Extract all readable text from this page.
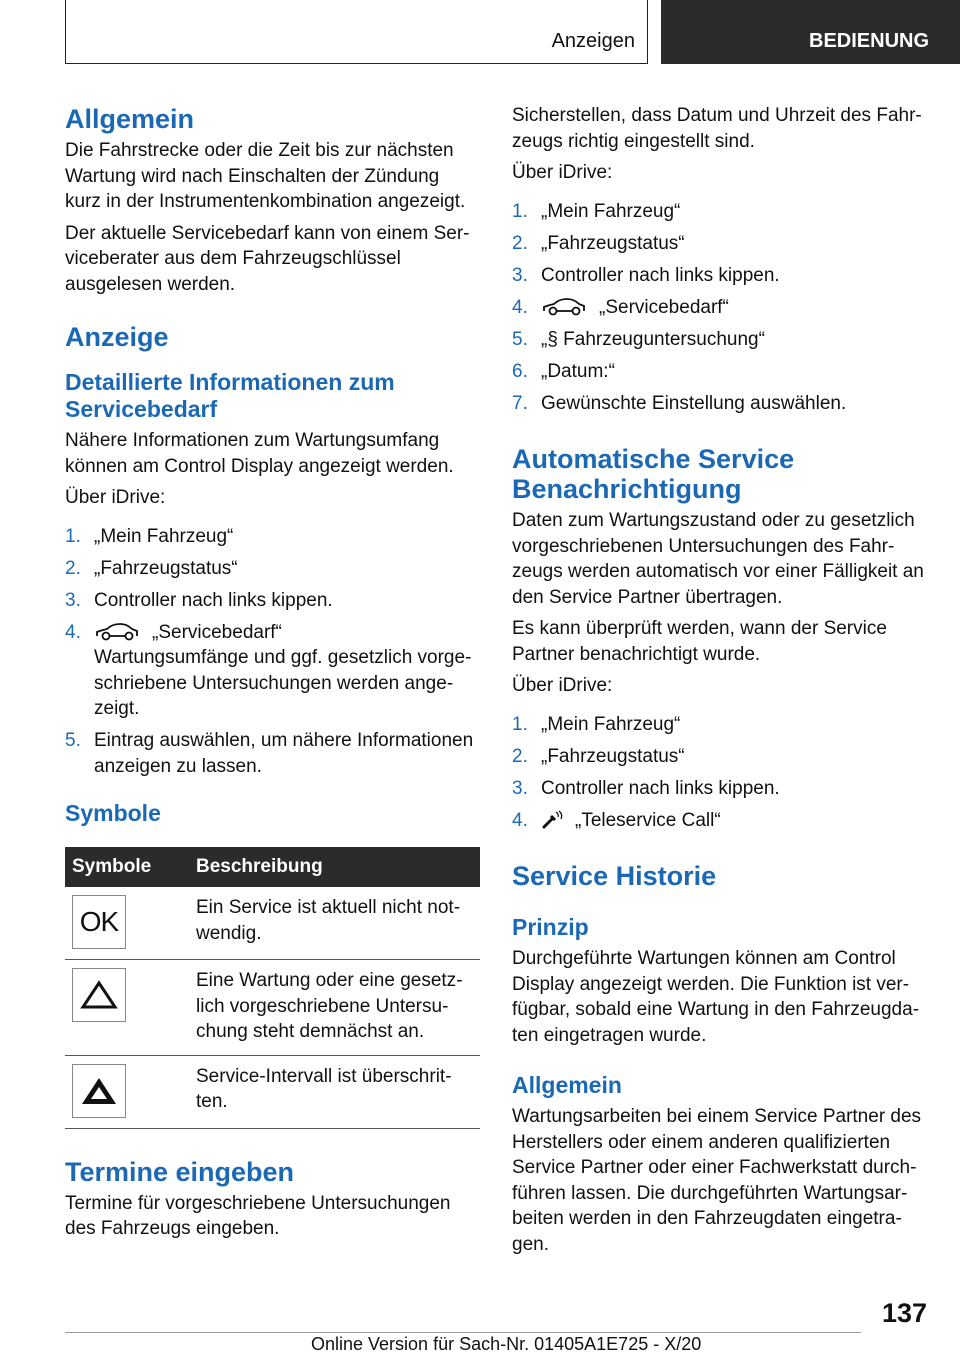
Anzeigen	BEDIENUNG
Allgemein

Die Fahrstrecke oder die Zeit bis zur nächsten Wartung wird nach Einschalten der Zündung kurz in der Instrumentenkombination angezeigt.

Der aktuelle Servicebedarf kann von einem Serviceberater aus dem Fahrzeugschlüssel ausgelesen werden.

Anzeige
Detaillierte Informationen zum Servicebedarf

Nähere Informationen zum Wartungsumfang können am Control Display angezeigt werden.

Über iDrive:

1. „Mein Fahrzeug“
2. „Fahrzeugstatus“
3. Controller nach links kippen.
4.	„Servicebedarf“
Wartungsumfänge und ggf. gesetzlich vorgeschriebene Untersuchungen werden angezeigt.
5. Eintrag auswählen, um nähere Informationen anzeigen zu lassen.
Symbole
Symbole	Beschreibung

OK	Ein Service ist aktuell nicht notwendig.

	Eine Wartung oder eine gesetzlich vorgeschriebene Untersuchung steht demnächst an.

	Service-Intervall ist überschritten.
Termine eingeben

Termine für vorgeschriebene Untersuchungen des Fahrzeugs eingeben.

Sicherstellen, dass Datum und Uhrzeit des Fahrzeugs richtig eingestellt sind.

Über iDrive:

1. „Mein Fahrzeug“
2. „Fahrzeugstatus“
3. Controller nach links kippen.
4.	„Servicebedarf“
5. „§ Fahrzeuguntersuchung“
6. „Datum:“
7. Gewünschte Einstellung auswählen.
Automatische Service Benachrichtigung

Daten zum Wartungszustand oder zu gesetzlich vorgeschriebenen Untersuchungen des Fahrzeugs werden automatisch vor einer Fälligkeit an den Service Partner übertragen.

Es kann überprüft werden, wann der Service Partner benachrichtigt wurde.

Über iDrive:

1. „Mein Fahrzeug“
2. „Fahrzeugstatus“
3. Controller nach links kippen.
4. „Teleservice Call“
Service Historie
Prinzip

Durchgeführte Wartungen können am Control Display angezeigt werden. Die Funktion ist verfügbar, sobald eine Wartung in den Fahrzeugdaten eingetragen wurde.

Allgemein

Wartungsarbeiten bei einem Service Partner des Herstellers oder einem anderen qualifizierten Service Partner oder einer Fachwerkstatt durchführen lassen. Die durchgeführten Wartungsarbeiten werden in den Fahrzeugdaten eingetragen.

137
Online Version für Sach-Nr. 01405A1E725 - X/20
